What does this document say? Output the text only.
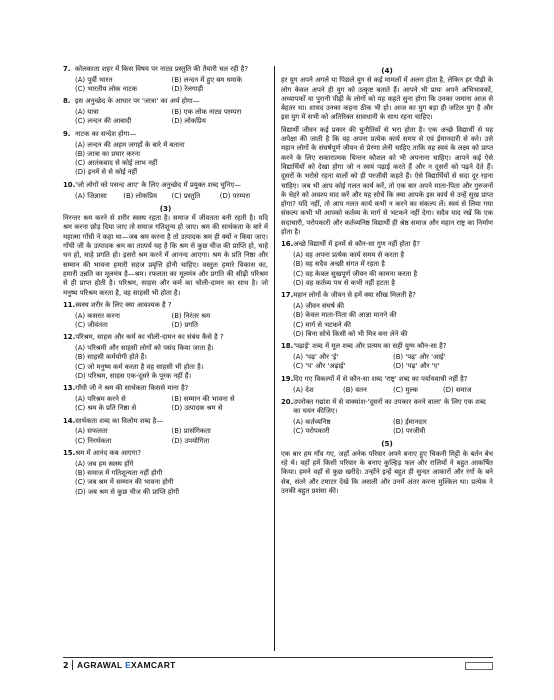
7. कोलकाता शहर में किस विषय पर नाट्य प्रस्तुति की तैयारी चल रही है?
(A) पूर्वी भारत	(B) लन्दन में हुए बम धमाके
(C) भारतीय लोक नाटक	(D) रेलगाड़ी
8. इस अनुच्छेद के आधार पर 'जात्रा' का अर्थ होगा—
(A) यात्रा	(B) एक लोक नाट्य परम्परा
(C) लन्दन की आबादी	(D) लोकप्रिय
9. नाटक का सन्देश होगा—
(A) लन्दन की अहम जगहों के बारे में बताना
(B) जात्रा का प्रचार करना
(C) आतंकवाद से कोई लाभ नहीं
(D) इनमें से से कोई नहीं
10. 'जो लोगों को पसन्द आए' के लिए अनुच्छेद में प्रयुक्त शब्द चुनिए—
(A) जिज्ञासा	(B) लोकप्रिय	(C) प्रस्तुति	(D) परम्परा
(3)
निरन्तर श्रम करने से शरीर स्वस्थ रहता है। समाज में जीवतता बनी रहती है। यदि श्रम करना छोड़ दिया जाए तो समाज गतिशून्य हो जाए। श्रम की सार्थकता के बारे में महात्मा गाँधी ने कहा था—जब श्रम करना है तो उत्पादक श्रम ही क्यों न किया जाए। गाँधी जी के उत्पादक श्रम का तात्पर्य यह है कि श्रम से कुछ चीज की प्राप्ति हो, चाहे धन हो, चाहे प्रगति हो। इसरो श्रम करने में आनन्द आएगा। श्रम के प्रति निष्ठा और सम्मान की भावना हमारी सहज प्रवृत्ति होनी चाहिए। वस्तुतः हमारे विकास का, हमारी उन्नति का मूलमंत्र है—श्रम। रफलता का मूलमंत्र और प्रगति की सीढ़ी परिश्रम से ही प्राप्त होती है। परिश्रम, साहस और कर्म का चोली-दामन का साथ है। जो मनुष्य परिश्रम करता है, वह साहसी भी होता है।
11. स्वस्थ शरीर के लिए क्या आवश्यक है ?
(A) कसरत करना	(B) निरंतर श्रम
(C) जीवंतता	(D) प्रगति
12. परिश्रम, साहस और कर्म का चोली-दामन का संबंध कैसे है ?
(A) परिश्रमी और साहसी लोगों को पसंद किया जाता है।
(B) साहसी कर्मयोगी होते हैं।
(C) जो मनुष्य कर्म करता है वह साहसी भी होता है।
(D) परिश्रम, साहस एक-दूसरे के पूरक नहीं हैं।
13. गाँधी जी ने श्रम की सार्थकता किससे माना है?
(A) परिश्रम करने से	(B) सम्मान की भावना से
(C) श्रम के प्रति निष्ठा से	(D) उत्पादक श्रम से
14. सार्थकता शब्द का विलोम शब्द है—
(A) सफलता	(B) प्रासंगिकता
(C) निरर्थकता	(D) उपयोगिता
15. श्रम में आनंद कब आएगा?
(A) जब हम स्वस्थ होंगे
(B) समाज में गतिशून्यता नहीं होगी
(C) जब श्रम में सम्मान की भावना होगी
(D) जब श्रम से कुछ चीज की प्राप्ति होगी
(4)
हर युग अपने अगले या पिछले युग से कई मामलों में अलग होता है, लेकिन हर पीढ़ी के लोग केवल अपने ही युग को उत्कृष्ट बताते हैं। आपने भी प्रायः अपने अभिभावकों, अध्यापकों या पुरानी पीढ़ी के लोगों को यह कहते सुना होगा कि उनका जमाना आज से बेहतर था। शायद उनका कहना ठीक भी हो। आज का युग बड़ा ही जटिल युग है और इस युग में सभी को अतिरिक्त सावधानी के साथ रहना चाहिए।
विद्यार्थी जीवन कई प्रकार की चुनौतियों से भरा होता है। एक अच्छे विद्यार्थी से यह अपेक्षा की जाती है कि वह अपना प्रत्येक कार्य समय से एवं ईमानदारी से करे। उसे महान लोगों के संघर्षपूर्ण जीवन से प्रेरणा लेनी चाहिए ताकि वह स्वयं के लक्ष्य को प्राप्त करने के लिए सकारात्मक चिन्तन कौशल को भी अपनाना चाहिए। आपने कई ऐसे विद्यार्थियों को देखा होगा जो न स्वयं पढ़ाई करते हैं और न दूसरों को पढ़ने देते हैं। दूसरों के भरोसे रहना वालों को ही परजीवी कहते हैं। ऐसे विद्यार्थियों से सदा दूर रहना चाहिए। जब भी आप कोई गलत कार्य करें, तो एक बार अपने माता-पिता और गुरुजनों के चेहरे को अवश्य याद करें और यह सोचें कि क्या आपके इस कार्य से उन्हें सुख प्राप्त होगा? यदि नहीं, तो आप गलत कार्य कभी न करने का संकल्प लें। स्वयं से लिया गया संकल्प कभी भी आपको कर्तव्य के मार्ग से भटकने नहीं देगा। सदैव याद रखें कि एक सदाचारी, परोपकारी और कर्तव्यनिष्ठ विद्यार्थी ही श्रेष्ठ समाज और महान राष्ट्र का निर्माण होता है।
16. अच्छे विद्यार्थी में इनमें से कौन-सा गुण नहीं होता है?
(A) वह अपना प्रत्येक कार्य समय से करता है
(B) वह सदैव अच्छी संगत में रहता है
(C) वह केवल सुखपूर्ण जीवन की कामना करता है
(D) वह कर्तव्य पथ से कभी नहीं हटता है
17. महान लोगों के जीवन से हमें क्या सीख मिलती है?
(A) जीवन संघर्ष की
(B) केवल माता-पिता की आज्ञा मानने की
(C) मार्ग से भटकने की
(D) बिना सोचे किसी को भी मित्र बना लेने की
18. 'पढ़ाई' शब्द में मूल शब्द और प्रत्यय का सही युग्म कौन-सा है?
(A) 'पढ़' और 'ई'	(B) 'पढ़' और 'आई'
(C) 'प' और 'अढ़ाई'	(D) 'पढ़' और 'ए'
19. दिए गए विकल्पों में से कौन-सा शब्द 'राष्ट्र' शब्द का पर्यायवाची नहीं है?
(A) देश	(B) वतन	(C) मुल्क	(D) समाज
20. उपरोक्त गद्यांश में से वाक्यांश-'दूसरों का उपकार करने वाला' के लिए एक शब्द का चयन कीजिए।
(A) कर्तव्यनिष्ठ	(B) ईमानदार
(C) परोपकारी	(D) परजीवी
(5)
एक बार हम गाँव गए, जहाँ अनेक परिवार अपने बनाए हुए चिकनी मिट्टी के बर्तन बेच रहे थे। वहाँ हमें किसी परिवार के बनाए कुल्हिड़ फल और रालियों ने बहुत आकर्षित किया। हमने वहाँ से कुछ खरीदे। उन्होंने इन्हें बहुत ही सुन्दर आकारों और रंगों के बने सेब, संतरे और टमाटर देखे कि असली और उनमें अंतर करना मुश्किल था। प्रत्येक ने उनकी बहुत प्रशंसा की।
2 AGRAWAL EXAMCART
